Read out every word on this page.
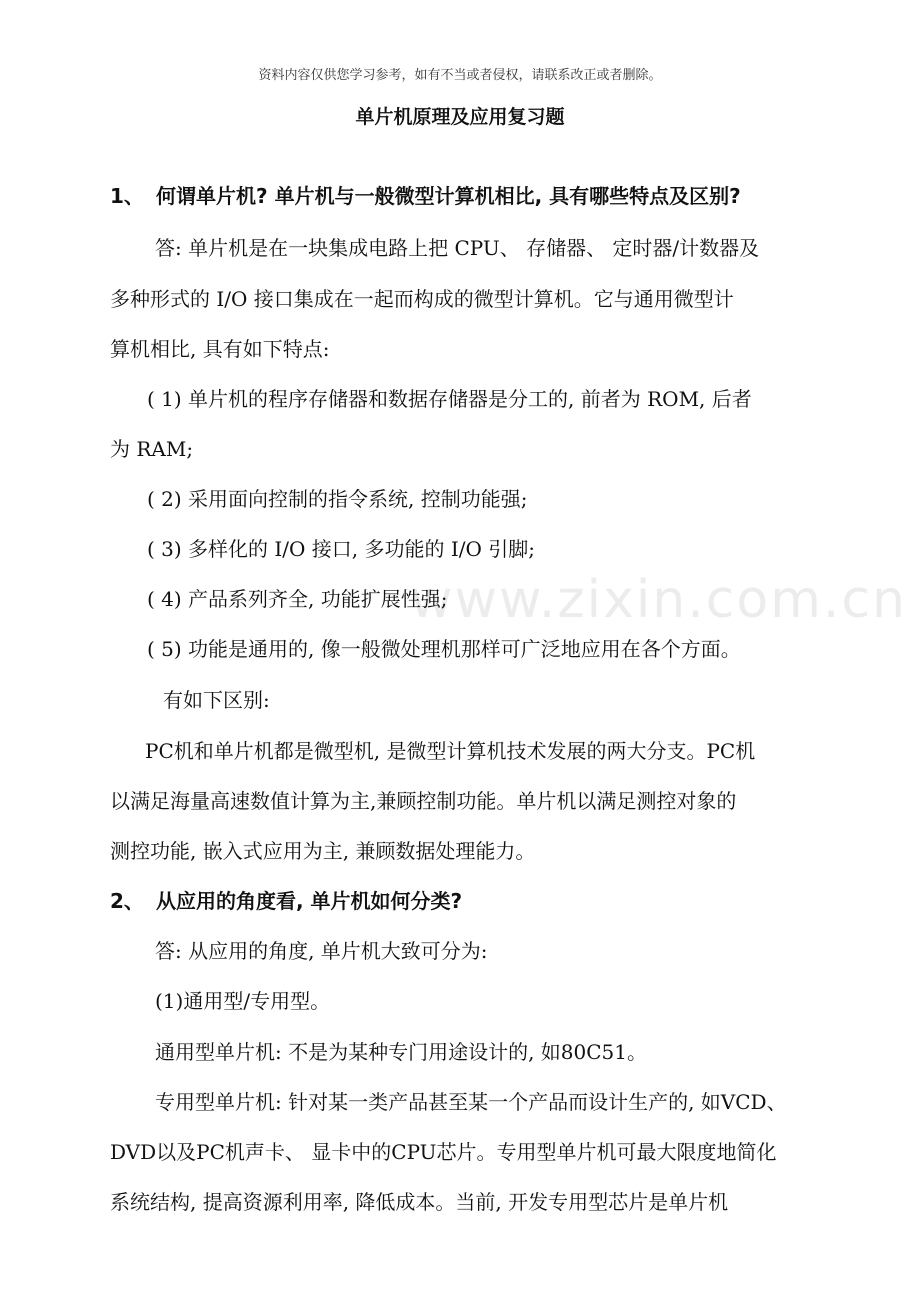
资料内容仅供您学习参考，如有不当或者侵权，请联系改正或者删除。
单片机原理及应用复习题
www.zixin.com.cn
1、 何谓单片机? 单片机与一般微型计算机相比, 具有哪些特点及区别?
答: 单片机是在一块集成电路上把 CPU、 存储器、 定时器/计数器及
多种形式的 I/O 接口集成在一起而构成的微型计算机。它与通用微型计
算机相比, 具有如下特点:
( 1) 单片机的程序存储器和数据存储器是分工的, 前者为 ROM, 后者
为 RAM;
( 2) 采用面向控制的指令系统, 控制功能强;
( 3) 多样化的 I/O 接口, 多功能的 I/O 引脚;
( 4) 产品系列齐全, 功能扩展性强;
( 5) 功能是通用的, 像一般微处理机那样可广泛地应用在各个方面。
有如下区别:
PC机和单片机都是微型机, 是微型计算机技术发展的两大分支。PC机
以满足海量高速数值计算为主,兼顾控制功能。单片机以满足测控对象的
测控功能, 嵌入式应用为主, 兼顾数据处理能力。
2、 从应用的角度看, 单片机如何分类?
答: 从应用的角度, 单片机大致可分为:
(1)通用型/专用型。
通用型单片机: 不是为某种专门用途设计的, 如80C51。
专用型单片机: 针对某一类产品甚至某一个产品而设计生产的, 如VCD、
DVD以及PC机声卡、 显卡中的CPU芯片。专用型单片机可最大限度地简化
系统结构, 提高资源利用率, 降低成本。当前, 开发专用型芯片是单片机
